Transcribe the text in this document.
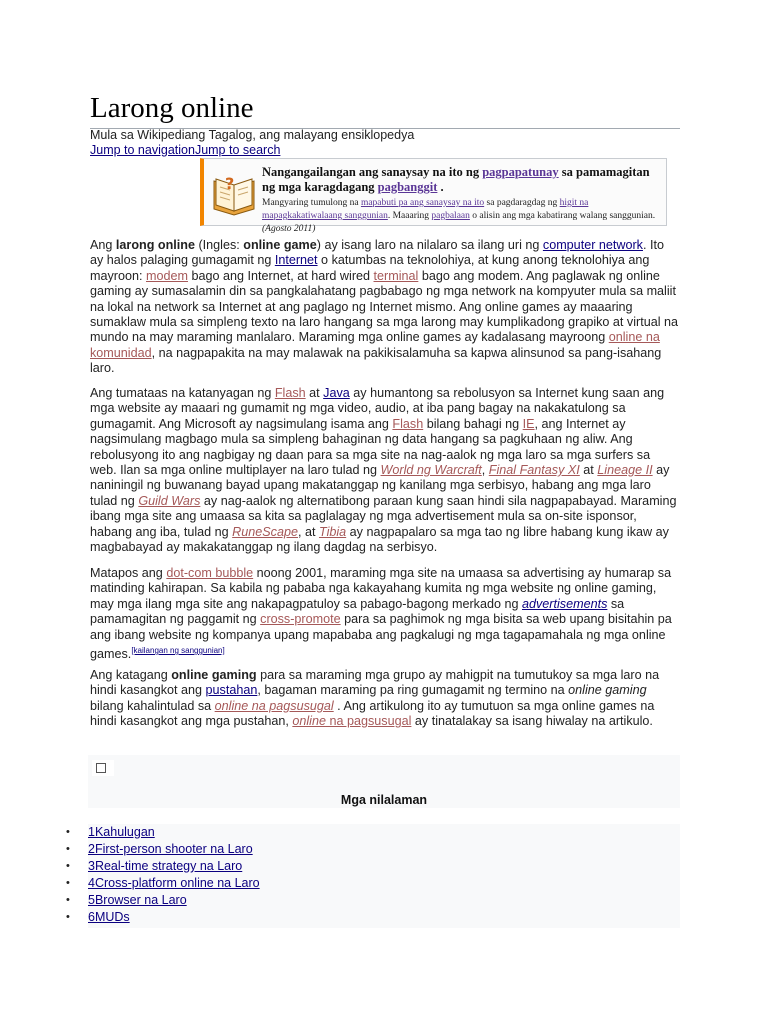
Larong online
Mula sa Wikipediang Tagalog, ang malayang ensiklopedya
Jump to navigationJump to search
?
Nangangailangan ang sanaysay na ito ng pagpapatunay sa pamamagitan ng mga karagdagang pagbanggit .
Mangyaring tumulong na mapabuti pa ang sanaysay na ito sa pagdaragdag ng higit na mapagkakatiwalaang sanggunian. Maaaring pagbalaan o alisin ang mga kabatirang walang sanggunian. (Agosto 2011)

Ang larong online (Ingles: online game) ay isang laro na nilalaro sa ilang uri ng computer network. Ito ay halos palaging gumagamit ng Internet o katumbas na teknolohiya, at kung anong teknolohiya ang mayroon: modem bago ang Internet, at hard wired terminal bago ang modem. Ang paglawak ng online gaming ay sumasalamin din sa pangkalahatang pagbabago ng mga network na kompyuter mula sa maliit na lokal na network sa Internet at ang paglago ng Internet mismo. Ang online games ay maaaring sumaklaw mula sa simpleng texto na laro hangang sa mga larong may kumplikadong grapiko at virtual na mundo na may maraming manlalaro. Maraming mga online games ay kadalasang mayroong online na komunidad, na nagpapakita na may malawak na pakikisalamuha sa kapwa alinsunod sa pang-isahang laro.

Ang tumataas na katanyagan ng Flash at Java ay humantong sa rebolusyon sa Internet kung saan ang mga website ay maaari ng gumamit ng mga video, audio, at iba pang bagay na nakakatulong sa gumagamit. Ang Microsoft ay nagsimulang isama ang Flash bilang bahagi ng IE, ang Internet ay nagsimulang magbago mula sa simpleng bahaginan ng data hangang sa pagkuhaan ng aliw. Ang rebolusyong ito ang nagbigay ng daan para sa mga site na nag-aalok ng mga laro sa mga surfers sa web. Ilan sa mga online multiplayer na laro tulad ng World ng Warcraft, Final Fantasy XI at Lineage II ay naniningil ng buwanang bayad upang makatanggap ng kanilang mga serbisyo, habang ang mga laro tulad ng Guild Wars ay nag-aalok ng alternatibong paraan kung saan hindi sila nagpapabayad. Maraming ibang mga site ang umaasa sa kita sa paglalagay ng mga advertisement mula sa on-site isponsor, habang ang iba, tulad ng RuneScape, at Tibia ay nagpapalaro sa mga tao ng libre habang kung ikaw ay magbabayad ay makakatanggap ng ilang dagdag na serbisyo.

Matapos ang dot-com bubble noong 2001, maraming mga site na umaasa sa advertising ay humarap sa matinding kahirapan. Sa kabila ng pababa nga kakayahang kumita ng mga website ng online gaming, may mga ilang mga site ang nakapagpatuloy sa pabago-bagong merkado ng advertisements sa pamamagitan ng paggamit ng cross-promote para sa paghimok ng mga bisita sa web upang bisitahin pa ang ibang website ng kompanya upang mapababa ang pagkalugi ng mga tagapamahala ng mga online games.[kailangan ng sanggunian]

Ang katagang online gaming para sa maraming mga grupo ay mahigpit na tumutukoy sa mga laro na hindi kasangkot ang pustahan, bagaman maraming pa ring gumagamit ng termino na online gaming bilang kahalintulad sa online na pagsusugal . Ang artikulong ito ay tumutuon sa mga online games na hindi kasangkot ang mga pustahan, online na pagsusugal ay tinatalakay sa isang hiwalay na artikulo.

Mga nilalaman
•
•
•
•
•
•
1Kahulugan
2First-person shooter na Laro
3Real-time strategy na Laro
4Cross-platform online na Laro
5Browser na Laro
6MUDs
